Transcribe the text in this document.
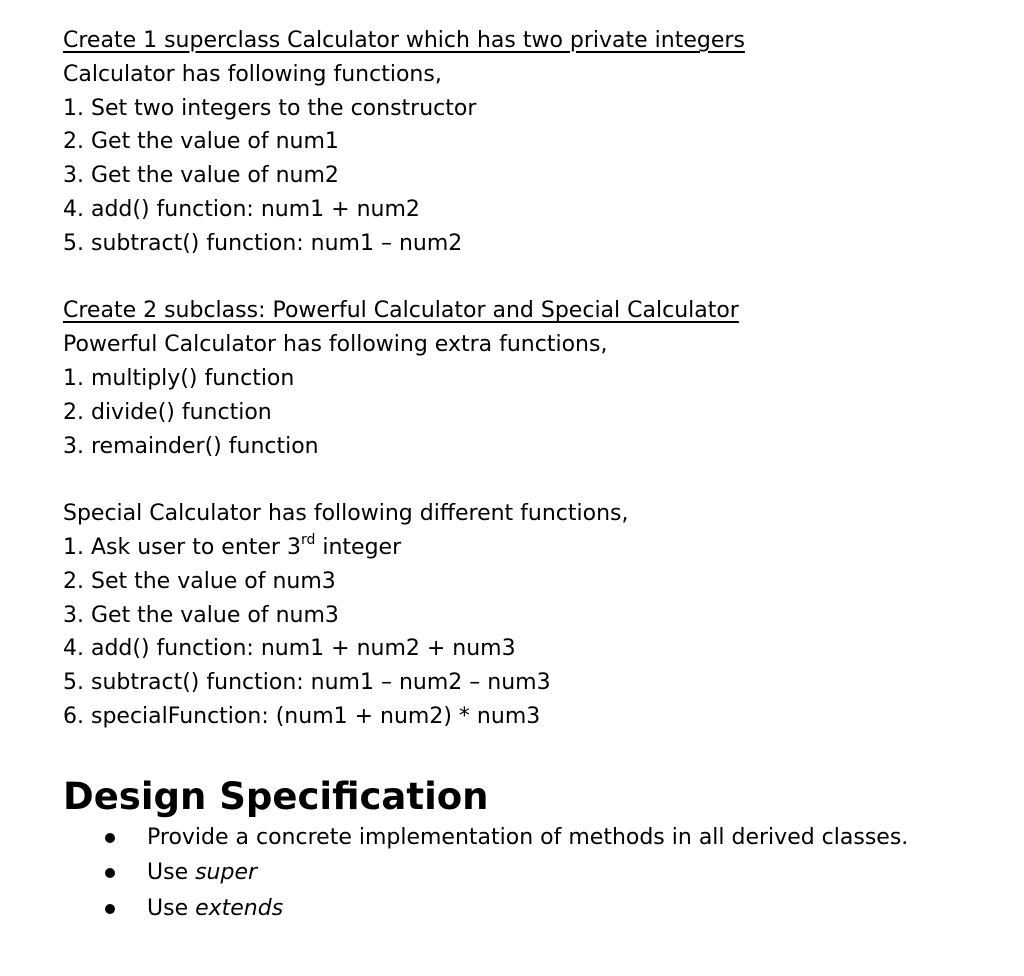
Create 1 superclass Calculator which has two private integers
Calculator has following functions,
1. Set two integers to the constructor
2. Get the value of num1
3. Get the value of num2
4. add() function: num1 + num2
5. subtract() function: num1 – num2
Create 2 subclass: Powerful Calculator and Special Calculator
Powerful Calculator has following extra functions,
1. multiply() function
2. divide() function
3. remainder() function
Special Calculator has following different functions,
1. Ask user to enter 3rd integer
2. Set the value of num3
3. Get the value of num3
4. add() function: num1 + num2 + num3
5. subtract() function: num1 – num2 – num3
6. specialFunction: (num1 + num2) * num3
Design Specification
Provide a concrete implementation of methods in all derived classes.
Use super
Use extends
